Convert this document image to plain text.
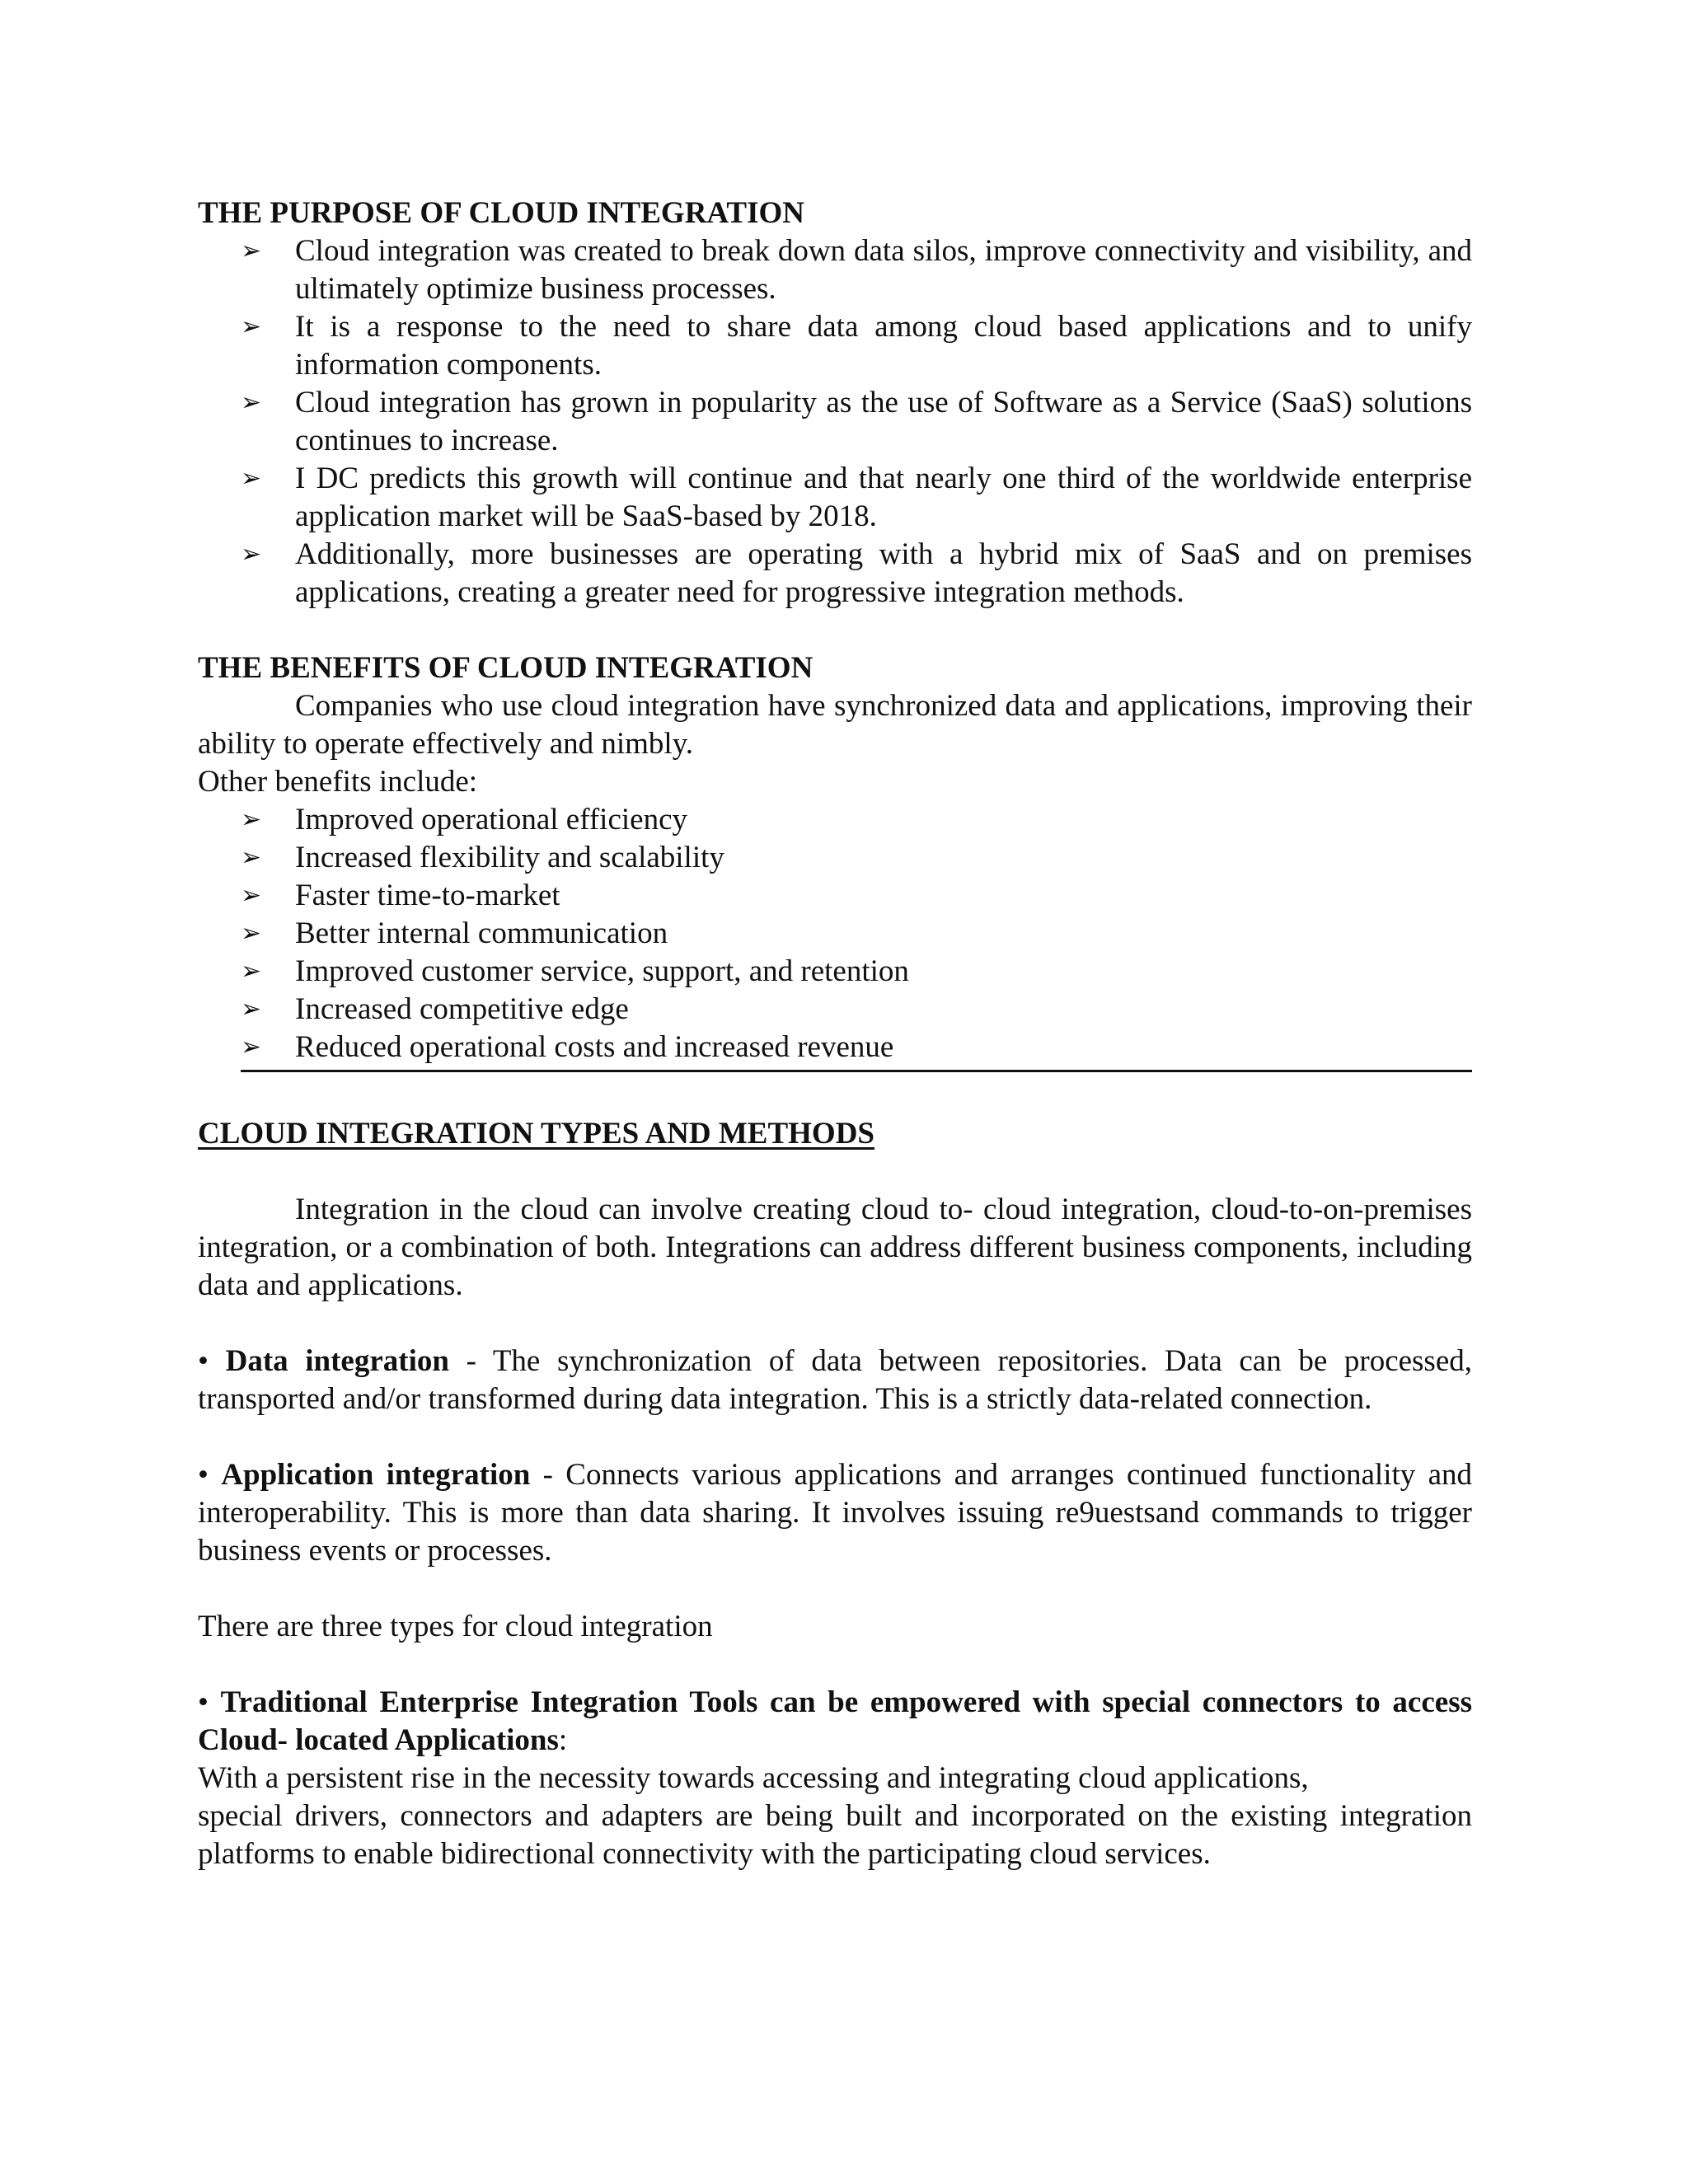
THE PURPOSE OF CLOUD INTEGRATION

➢ Cloud integration was created to break down data silos, improve connectivity and visibility, and ultimately optimize business processes.
➢ It is a response to the need to share data among cloud based applications and to unify information components.
➢ Cloud integration has grown in popularity as the use of Software as a Service (SaaS) solutions continues to increase.
➢ I DC predicts this growth will continue and that nearly one third of the worldwide enterprise application market will be SaaS-based by 2018.
➢ Additionally, more businesses are operating with a hybrid mix of SaaS and on premises applications, creating a greater need for progressive integration methods.

THE BENEFITS OF CLOUD INTEGRATION

Companies who use cloud integration have synchronized data and applications, improving their ability to operate effectively and nimbly.

Other benefits include:

➢ Improved operational efficiency
➢ Increased flexibility and scalability
➢ Faster time-to-market
➢ Better internal communication
➢ Improved customer service, support, and retention
➢ Increased competitive edge
➢ Reduced operational costs and increased revenue

CLOUD INTEGRATION TYPES AND METHODS

Integration in the cloud can involve creating cloud to- cloud integration, cloud-to-on-premises integration, or a combination of both. Integrations can address different business components, including data and applications.

• Data integration - The synchronization of data between repositories. Data can be processed, transported and/or transformed during data integration. This is a strictly data-related connection.

• Application integration - Connects various applications and arranges continued functionality and interoperability. This is more than data sharing. It involves issuing re9uestsand commands to trigger business events or processes.

There are three types for cloud integration

• Traditional Enterprise Integration Tools can be empowered with special connectors to access Cloud- located Applications:

With a persistent rise in the necessity towards accessing and integrating cloud applications,

special drivers, connectors and adapters are being built and incorporated on the existing integration platforms to enable bidirectional connectivity with the participating cloud services.
